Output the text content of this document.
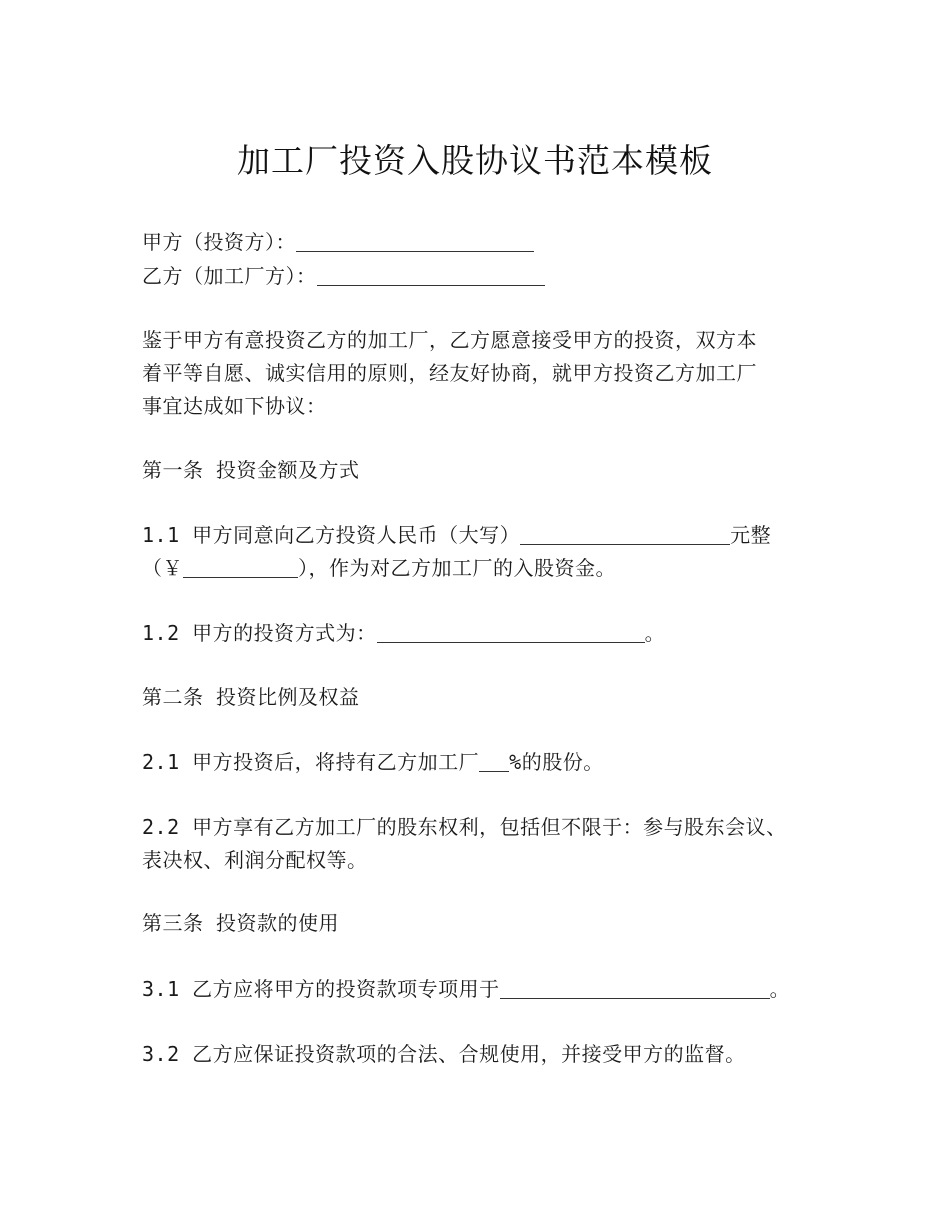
加工厂投资入股协议书范本模板
甲方（投资方）：
乙方（加工厂方）：
鉴于甲方有意投资乙方的加工厂，乙方愿意接受甲方的投资，双方本
着平等自愿、诚实信用的原则，经友好协商，就甲方投资乙方加工厂
事宜达成如下协议：
第一条 投资金额及方式
1.1 甲方同意向乙方投资人民币（大写）	元整
（￥	），作为对乙方加工厂的入股资金。
1.2 甲方的投资方式为：	。
第二条 投资比例及权益
2.1 甲方投资后，将持有乙方加工厂 %的股份。
2.2 甲方享有乙方加工厂的股东权利，包括但不限于：参与股东会议、
表决权、利润分配权等。
第三条 投资款的使用
3.1 乙方应将甲方的投资款项专项用于	。
3.2 乙方应保证投资款项的合法、合规使用，并接受甲方的监督。
